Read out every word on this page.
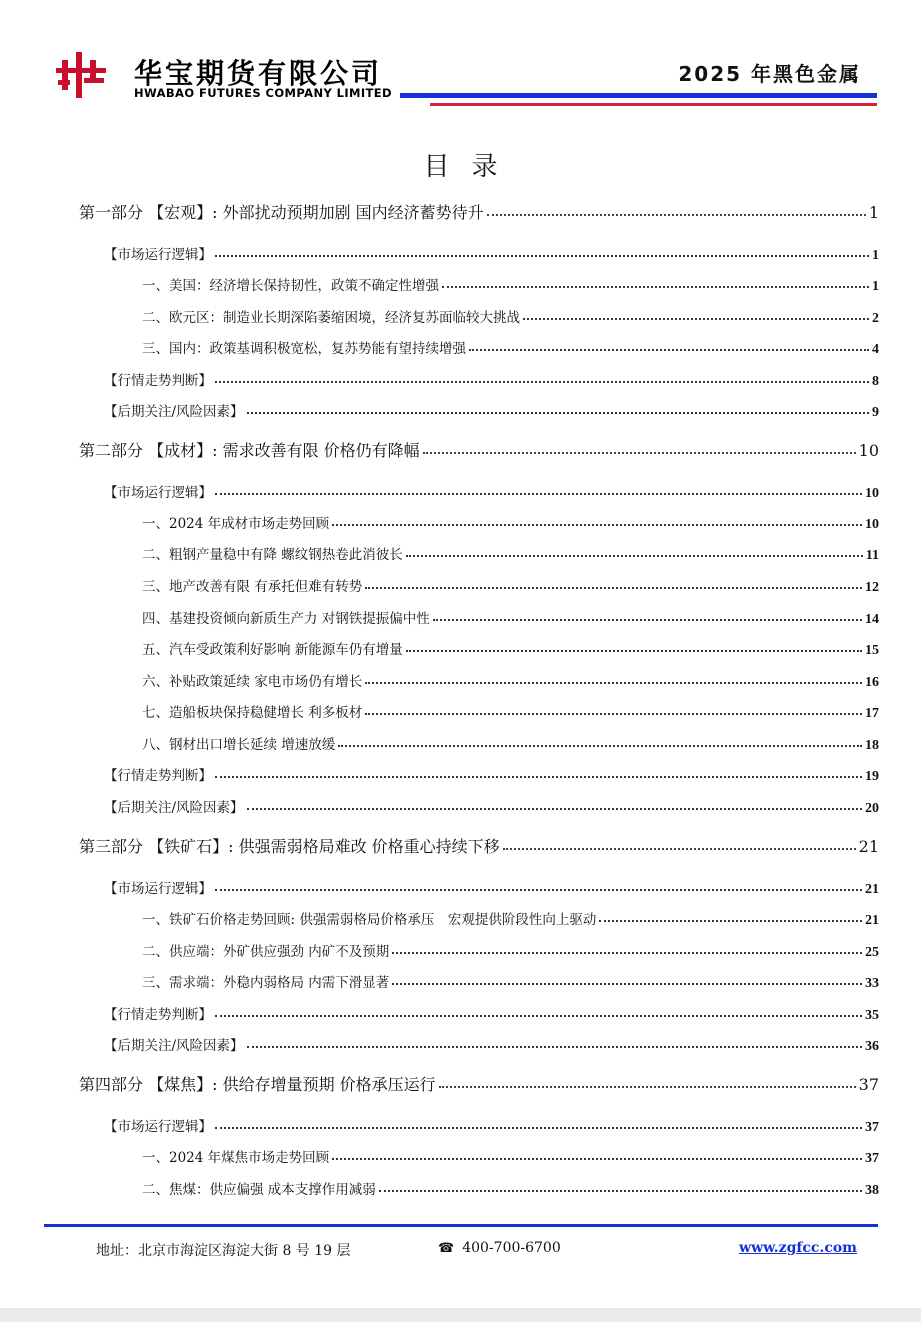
华宝期货有限公司
HWABAO FUTURES COMPANY LIMITED
2025 年黑色金属
目录
第一部分 【宏观】: 外部扰动预期加剧 国内经济蓄势待升	1
【市场运行逻辑】	1
一、美国：经济增长保持韧性，政策不确定性增强	1
二、欧元区：制造业长期深陷萎缩困境，经济复苏面临较大挑战	2
三、国内：政策基调积极宽松，复苏势能有望持续增强	4
【行情走势判断】	8
【后期关注/风险因素】	9
第二部分 【成材】: 需求改善有限 价格仍有降幅	10
【市场运行逻辑】	10
一、2024 年成材市场走势回顾	10
二、粗钢产量稳中有降 螺纹钢热卷此消彼长	11
三、地产改善有限 有承托但难有转势	12
四、基建投资倾向新质生产力 对钢铁提振偏中性	14
五、汽车受政策利好影响 新能源车仍有增量	15
六、补贴政策延续 家电市场仍有增长	16
七、造船板块保持稳健增长 利多板材	17
八、钢材出口增长延续 增速放缓	18
【行情走势判断】	19
【后期关注/风险因素】	20
第三部分 【铁矿石】: 供强需弱格局难改 价格重心持续下移	21
【市场运行逻辑】	21
一、铁矿石价格走势回顾: 供强需弱格局价格承压　宏观提供阶段性向上驱动	21
二、供应端：外矿供应强劲 内矿不及预期	25
三、需求端：外稳内弱格局 内需下滑显著	33
【行情走势判断】	35
【后期关注/风险因素】	36
第四部分 【煤焦】: 供给存增量预期 价格承压运行	37
【市场运行逻辑】	37
一、2024 年煤焦市场走势回顾	37
二、焦煤：供应偏强 成本支撑作用减弱	38
地址：北京市海淀区海淀大街 8 号 19 层	☎ 400-700-6700	www.zgfcc.com
